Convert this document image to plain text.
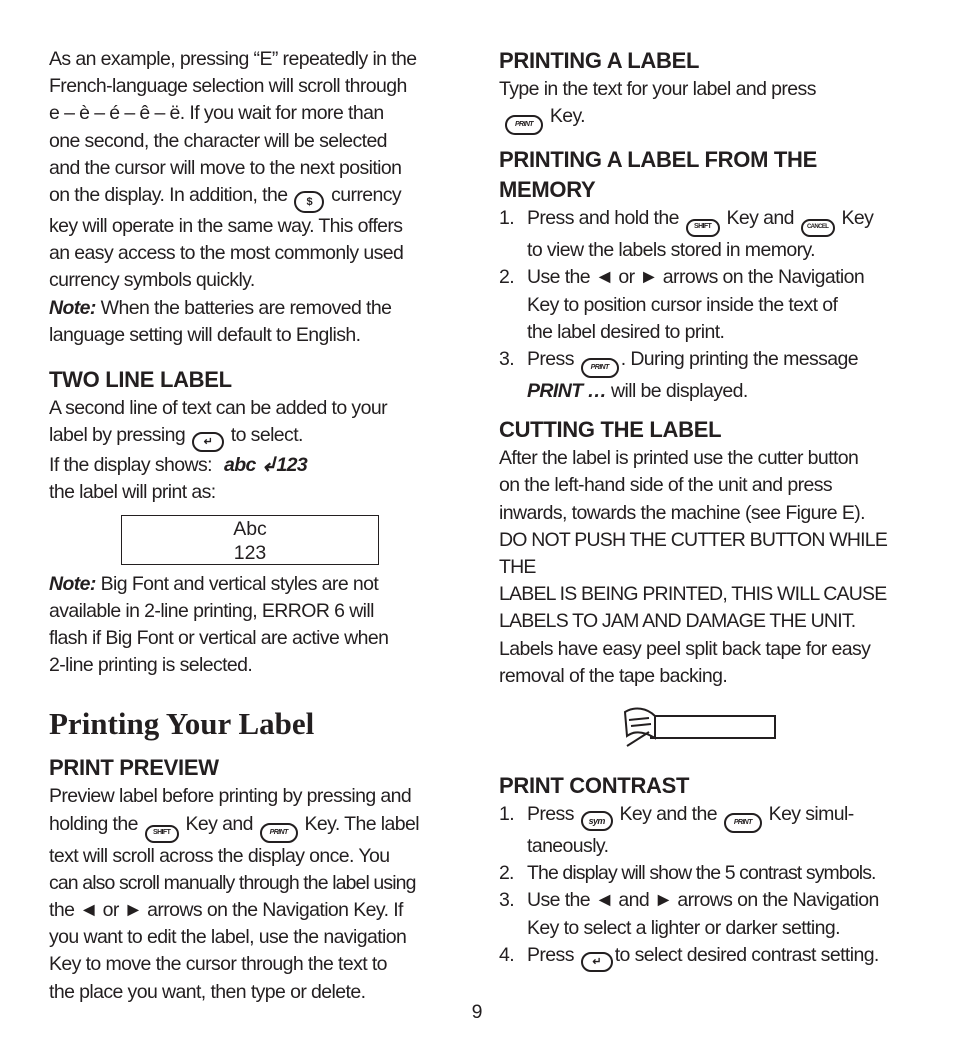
As an example, pressing “E” repeatedly in the

French-language selection will scroll through

e – è – é – ê – ë. If you wait for more than

one second, the character will be selected

and the cursor will move to the next position

on the display. In addition, the $ currency

key will operate in the same way. This offers

an easy access to the most commonly used

currency symbols quickly.

Note: When the batteries are removed the

language setting will default to English.

TWO LINE LABEL

A second line of text can be added to your

label by pressing ↵ to select.

If the display shows: abc ↲123

the label will print as:

Abc
123

Note: Big Font and vertical styles are not

available in 2-line printing, ERROR 6 will

flash if Big Font or vertical are active when

2-line printing is selected.

Printing Your Label
PRINT PREVIEW

Preview label before printing by pressing and

holding the SHIFT Key and PRINT Key. The label

text will scroll across the display once. You

can also scroll manually through the label using

the ◄ or ► arrows on the Navigation Key. If

you want to edit the label, use the navigation

Key to move the cursor through the text to

the place you want, then type or delete.

PRINTING A LABEL

Type in the text for your label and press

PRINT Key.

PRINTING A LABEL FROM THE MEMORY
1. Press and hold the SHIFT Key and CANCEL Key
to view the labels stored in memory.
2. Use the ◄ or ► arrows on the Navigation
Key to position cursor inside the text of
the label desired to print.
3. Press PRINT . During printing the message
PRINT … will be displayed.
CUTTING THE LABEL

After the label is printed use the cutter button

on the left-hand side of the unit and press

inwards, towards the machine (see Figure E).

DO NOT PUSH THE CUTTER BUTTON WHILE THE

LABEL IS BEING PRINTED, THIS WILL CAUSE

LABELS TO JAM AND DAMAGE THE UNIT.

Labels have easy peel split back tape for easy

removal of the tape backing.

PRINT CONTRAST
1. Press sym Key and the PRINT Key simul-
taneously.
2. The display will show the 5 contrast symbols.
3. Use the ◄ and ► arrows on the Navigation
Key to select a lighter or darker setting.
4. Press ↵ to select desired contrast setting.
9
